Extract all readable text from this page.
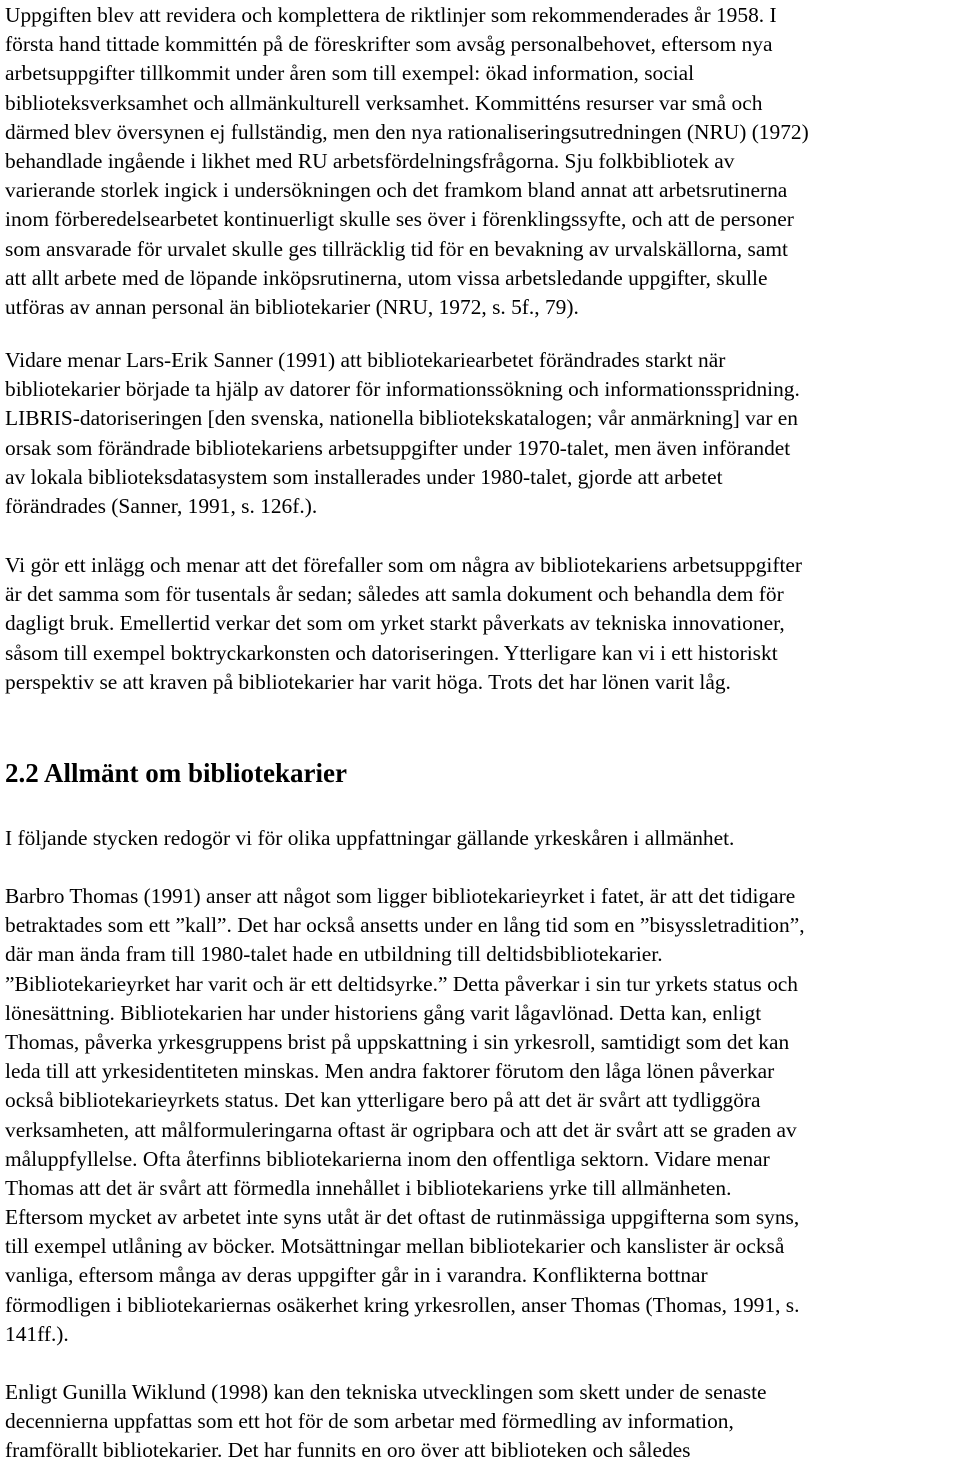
Uppgiften blev att revidera och komplettera de riktlinjer som rekommenderades år 1958. I
första hand tittade kommittén på de föreskrifter som avsåg personalbehovet, eftersom nya
arbetsuppgifter tillkommit under åren som till exempel: ökad information, social
biblioteksverksamhet och allmänkulturell verksamhet. Kommitténs resurser var små och
därmed blev översynen ej fullständig, men den nya rationaliseringsutredningen (NRU) (1972)
behandlade ingående i likhet med RU arbetsfördelningsfrågorna. Sju folkbibliotek av
varierande storlek ingick i undersökningen och det framkom bland annat att arbetsrutinerna
inom förberedelsearbetet kontinuerligt skulle ses över i förenklingssyfte, och att de personer
som ansvarade för urvalet skulle ges tillräcklig tid för en bevakning av urvalskällorna, samt
att allt arbete med de löpande inköpsrutinerna, utom vissa arbetsledande uppgifter, skulle
utföras av annan personal än bibliotekarier (NRU, 1972, s. 5f., 79).
Vidare menar Lars-Erik Sanner (1991) att bibliotekariearbetet förändrades starkt när
bibliotekarier började ta hjälp av datorer för informationssökning och informationsspridning.
LIBRIS-datoriseringen [den svenska, nationella bibliotekskatalogen; vår anmärkning] var en
orsak som förändrade bibliotekariens arbetsuppgifter under 1970-talet, men även införandet
av lokala biblioteksdatasystem som installerades under 1980-talet, gjorde att arbetet
förändrades (Sanner, 1991, s. 126f.).
Vi gör ett inlägg och menar att det förefaller som om några av bibliotekariens arbetsuppgifter
är det samma som för tusentals år sedan; således att samla dokument och behandla dem för
dagligt bruk. Emellertid verkar det som om yrket starkt påverkats av tekniska innovationer,
såsom till exempel boktryckarkonsten och datoriseringen. Ytterligare kan vi i ett historiskt
perspektiv se att kraven på bibliotekarier har varit höga. Trots det har lönen varit låg.
2.2 Allmänt om bibliotekarier
I följande stycken redogör vi för olika uppfattningar gällande yrkeskåren i allmänhet.
Barbro Thomas (1991) anser att något som ligger bibliotekarieyrket i fatet, är att det tidigare
betraktades som ett ”kall”. Det har också ansetts under en lång tid som en ”bisyssletradition”,
där man ända fram till 1980-talet hade en utbildning till deltidsbibliotekarier.
”Bibliotekarieyrket har varit och är ett deltidsyrke.” Detta påverkar i sin tur yrkets status och
lönesättning. Bibliotekarien har under historiens gång varit lågavlönad. Detta kan, enligt
Thomas, påverka yrkesgruppens brist på uppskattning i sin yrkesroll, samtidigt som det kan
leda till att yrkesidentiteten minskas. Men andra faktorer förutom den låga lönen påverkar
också bibliotekarieyrkets status. Det kan ytterligare bero på att det är svårt att tydliggöra
verksamheten, att målformuleringarna oftast är ogripbara och att det är svårt att se graden av
måluppfyllelse. Ofta återfinns bibliotekarierna inom den offentliga sektorn. Vidare menar
Thomas att det är svårt att förmedla innehållet i bibliotekariens yrke till allmänheten.
Eftersom mycket av arbetet inte syns utåt är det oftast de rutinmässiga uppgifterna som syns,
till exempel utlåning av böcker. Motsättningar mellan bibliotekarier och kanslister är också
vanliga, eftersom många av deras uppgifter går in i varandra. Konflikterna bottnar
förmodligen i bibliotekariernas osäkerhet kring yrkesrollen, anser Thomas (Thomas, 1991, s.
141ff.).
Enligt Gunilla Wiklund (1998) kan den tekniska utvecklingen som skett under de senaste
decennierna uppfattas som ett hot för de som arbetar med förmedling av information,
framförallt bibliotekarier. Det har funnits en oro över att biblioteken och således
